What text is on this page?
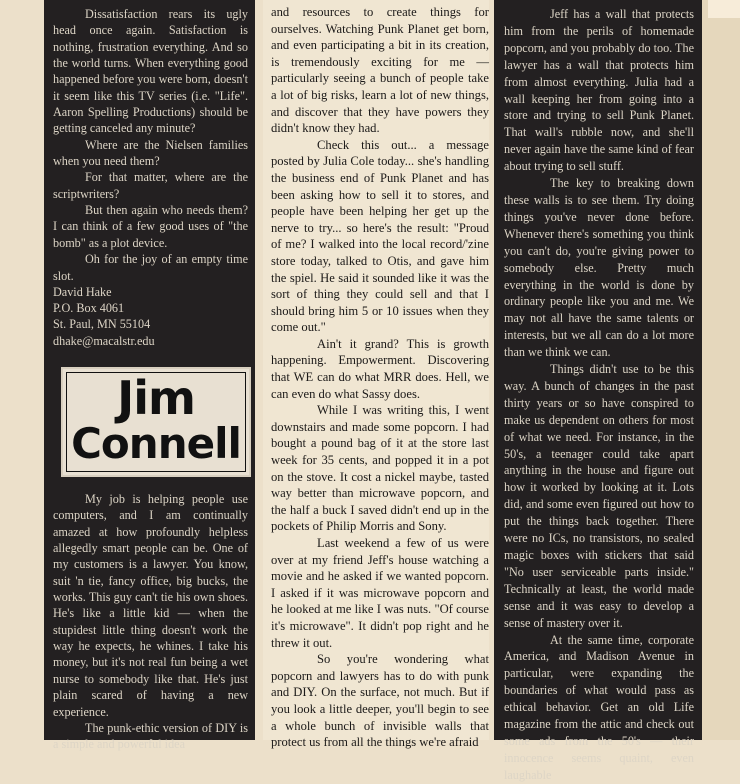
Dissatisfaction rears its ugly head once again. Satisfaction is nothing, frustration everything. And so the world turns. When everything good happened before you were born, doesn't it seem like this TV series (i.e. "Life". Aaron Spelling Productions) should be getting canceled any minute?

Where are the Nielsen families when you need them?

For that matter, where are the scriptwriters?

But then again who needs them? I can think of a few good uses of "the bomb" as a plot device.

Oh for the joy of an empty time slot.

David Hake
P.O. Box 4061
St. Paul, MN 55104
dhake@macalstr.edu
Jim
Connell

My job is helping people use computers, and I am continually amazed at how profoundly helpless allegedly smart people can be. One of my customers is a lawyer. You know, suit 'n tie, fancy office, big bucks, the works. This guy can't tie his own shoes. He's like a little kid — when the stupidest little thing doesn't work the way he expects, he whines. I take his money, but it's not real fun being a wet nurse to somebody like that. He's just plain scared of having a new experience.

The punk-ethic version of DIY is a simple and powerful idea

and resources to create things for ourselves. Watching Punk Planet get born, and even participating a bit in its creation, is tremendously exciting for me — particularly seeing a bunch of people take a lot of big risks, learn a lot of new things, and discover that they have powers they didn't know they had.

Check this out... a message posted by Julia Cole today... she's handling the business end of Punk Planet and has been asking how to sell it to stores, and people have been helping her get up the nerve to try... so here's the result: "Proud of me? I walked into the local record/'zine store today, talked to Otis, and gave him the spiel. He said it sounded like it was the sort of thing they could sell and that I should bring him 5 or 10 issues when they come out."

Ain't it grand? This is growth happening. Empowerment. Discovering that WE can do what MRR does. Hell, we can even do what Sassy does.

While I was writing this, I went downstairs and made some popcorn. I had bought a pound bag of it at the store last week for 35 cents, and popped it in a pot on the stove. It cost a nickel maybe, tasted way better than microwave popcorn, and the half a buck I saved didn't end up in the pockets of Philip Morris and Sony.

Last weekend a few of us were over at my friend Jeff's house watching a movie and he asked if we wanted popcorn. I asked if it was microwave popcorn and he looked at me like I was nuts. "Of course it's microwave". It didn't pop right and he threw it out.

So you're wondering what popcorn and lawyers has to do with punk and DIY. On the surface, not much. But if you look a little deeper, you'll begin to see a whole bunch of invisible walls that protect us from all the things we're afraid

Jeff has a wall that protects him from the perils of homemade popcorn, and you probably do too. The lawyer has a wall that protects him from almost everything. Julia had a wall keeping her from going into a store and trying to sell Punk Planet. That wall's rubble now, and she'll never again have the same kind of fear about trying to sell stuff.

The key to breaking down these walls is to see them. Try doing things you've never done before. Whenever there's something you think you can't do, you're giving power to somebody else. Pretty much everything in the world is done by ordinary people like you and me. We may not all have the same talents or interests, but we all can do a lot more than we think we can.

Things didn't use to be this way. A bunch of changes in the past thirty years or so have conspired to make us dependent on others for most of what we need. For instance, in the 50's, a teenager could take apart anything in the house and figure out how it worked by looking at it. Lots did, and some even figured out how to put the things back together. There were no ICs, no transistors, no sealed magic boxes with stickers that said "No user serviceable parts inside." Technically at least, the world made sense and it was easy to develop a sense of mastery over it.

At the same time, corporate America, and Madison Avenue in particular, were expanding the boundaries of what would pass as ethical behavior. Get an old Life magazine from the attic and check out some ads from the 50's — their innocence seems quaint, even laughable
